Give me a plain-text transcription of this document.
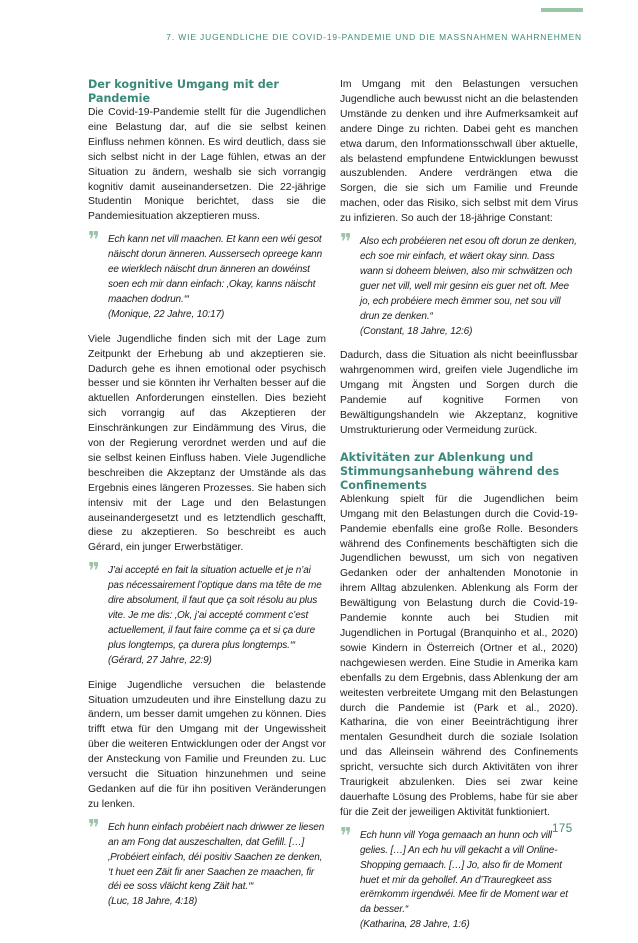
7. WIE JUGENDLICHE DIE COVID-19-PANDEMIE UND DIE MASSNAHMEN WAHRNEHMEN
Der kognitive Umgang mit der Pandemie

Die Covid-19-Pandemie stellt für die Jugendlichen eine Belastung dar, auf die sie selbst keinen Einfluss nehmen können. Es wird deutlich, dass sie sich selbst nicht in der Lage fühlen, etwas an der Situation zu ändern, weshalb sie sich vorrangig kognitiv damit auseinandersetzen. Die 22-jährige Studentin Monique berichtet, dass sie die Pandemiesituation akzeptieren muss.

❞ Ech kann net vill maachen. Et kann een wéi gesot näischt dorun änneren. Aussersech opreege kann ee wierklech näischt drun änneren an dowéinst soen ech mir dann einfach: ‚Okay, kanns näischt maachen dodrun.‘“
(Monique, 22 Jahre, 10:17)

Viele Jugendliche finden sich mit der Lage zum Zeitpunkt der Erhebung ab und akzeptieren sie. Dadurch gehe es ihnen emotional oder psychisch besser und sie könnten ihr Verhalten besser auf die aktuellen Anforderungen einstellen. Dies bezieht sich vorrangig auf das Akzeptieren der Einschränkungen zur Eindämmung des Virus, die von der Regierung verordnet werden und auf die sie selbst keinen Einfluss haben. Viele Jugendliche beschreiben die Akzeptanz der Umstände als das Ergebnis eines längeren Prozesses. Sie haben sich intensiv mit der Lage und den Belastungen auseinandergesetzt und es letztendlich geschafft, diese zu akzeptieren. So beschreibt es auch Gérard, ein junger Erwerbstätiger.

❞ J’ai accepté en fait la situation actuelle et je n’ai pas nécessairement l’optique dans ma tête de me dire absolument, il faut que ça soit résolu au plus vite. Je me dis: ‚Ok, j’ai accepté comment c’est actuellement, il faut faire comme ça et si ça dure plus longtemps, ça durera plus longtemps.‘“
(Gérard, 27 Jahre, 22:9)

Einige Jugendliche versuchen die belastende Situation umzudeuten und ihre Einstellung dazu zu ändern, um besser damit umgehen zu können. Dies trifft etwa für den Umgang mit der Ungewissheit über die weiteren Entwicklungen oder der Angst vor der Ansteckung von Familie und Freunden zu. Luc versucht die Situation hinzunehmen und seine Gedanken auf die für ihn positiven Veränderungen zu lenken.

❞ Ech hunn einfach probéiert nach driwwer ze liesen an am Fong dat auszeschalten, dat Gefill. […] ‚Probéiert einfach, déi positiv Saachen ze denken, ‘t huet een Zäit fir aner Saachen ze maachen, fir déi ee soss vläicht keng Zäit hat.‘“
(Luc, 18 Jahre, 4:18)

Im Umgang mit den Belastungen versuchen Jugendliche auch bewusst nicht an die belastenden Umstände zu denken und ihre Aufmerksamkeit auf andere Dinge zu richten. Dabei geht es manchen etwa darum, den Informationsschwall über aktuelle, als belastend empfundene Entwicklungen bewusst auszublenden. Andere verdrängen etwa die Sorgen, die sie sich um Familie und Freunde machen, oder das Risiko, sich selbst mit dem Virus zu infizieren. So auch der 18-jährige Constant:

❞ Also ech probéieren net esou oft dorun ze denken, ech soe mir einfach, et wäert okay sinn. Dass wann si doheem bleiwen, also mir schwätzen och guer net vill, well mir gesinn eis guer net oft. Mee jo, ech probéiere mech ëmmer sou, net sou vill drun ze denken.“
(Constant, 18 Jahre, 12:6)

Dadurch, dass die Situation als nicht beeinflussbar wahrgenommen wird, greifen viele Jugendliche im Umgang mit Ängsten und Sorgen durch die Pandemie auf kognitive Formen von Bewältigungshandeln wie Akzeptanz, kognitive Umstrukturierung oder Vermeidung zurück.

Aktivitäten zur Ablenkung und Stimmungsanhebung während des Confinements

Ablenkung spielt für die Jugendlichen beim Umgang mit den Belastungen durch die Covid-19-Pandemie ebenfalls eine große Rolle. Besonders während des Confinements beschäftigten sich die Jugendlichen bewusst, um sich von negativen Gedanken oder der anhaltenden Monotonie in ihrem Alltag abzulenken. Ablenkung als Form der Bewältigung von Belastung durch die Covid-19-Pandemie konnte auch bei Studien mit Jugendlichen in Portugal (Branquinho et al., 2020) sowie Kindern in Österreich (Ortner et al., 2020) nachgewiesen werden. Eine Studie in Amerika kam ebenfalls zu dem Ergebnis, dass Ablenkung der am weitesten verbreitete Umgang mit den Belastungen durch die Pandemie ist (Park et al., 2020). Katharina, die von einer Beeinträchtigung ihrer mentalen Gesundheit durch die soziale Isolation und das Alleinsein während des Confinements spricht, versuchte sich durch Aktivitäten von ihrer Traurigkeit abzulenken. Dies sei zwar keine dauerhafte Lösung des Problems, habe für sie aber für die Zeit der jeweiligen Aktivität funktioniert.

❞ Ech hunn vill Yoga gemaach an hunn och vill gelies. […] An ech hu vill gekacht a vill Online-Shopping gemaach. […] Jo, also fir de Moment huet et mir da gehollef. An d’Trauregkeet ass erëmkomm irgendwéi. Mee fir de Moment war et da besser.“
(Katharina, 28 Jahre, 1:6)
175
